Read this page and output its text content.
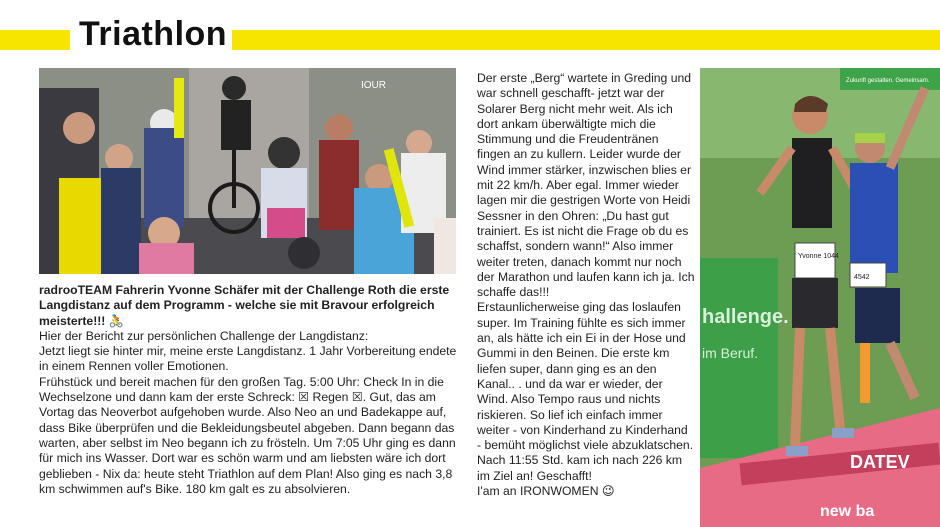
Triathlon
IOUR

radrooTEAM Fahrerin Yvonne Schäfer mit der Challenge Roth die erste Langdistanz auf dem Programm - welche sie mit Bravour erfolgreich meisterte!!! 🚴

Hier der Bericht zur persönlichen Challenge der Langdistanz:

Jetzt liegt sie hinter mir, meine erste Langdistanz. 1 Jahr Vorbereitung endete in einem Rennen voller Emotionen.

Frühstück und bereit machen für den großen Tag. 5:00 Uhr: Check In in die Wechselzone und dann kam der erste Schreck: ☒ Regen ☒. Gut, das am Vortag das Neoverbot aufgehoben wurde. Also Neo an und Badekappe auf, dass Bike überprüfen und die Bekleidungsbeutel abgeben. Dann begann das warten, aber selbst im Neo begann ich zu frösteln. Um 7:05 Uhr ging es dann für mich ins Wasser. Dort war es schön warm und am liebsten wäre ich dort geblieben - Nix da: heute steht Triathlon auf dem Plan! Also ging es nach 3,8 km schwimmen auf's Bike. 180 km galt es zu absolvieren.

Der erste „Berg“ wartete in Greding und war schnell geschafft- jetzt war der Solarer Berg nicht mehr weit. Als ich dort ankam überwältigte mich die Stimmung und die Freudentränen fingen an zu kullern. Leider wurde der Wind immer stärker, inzwischen blies er mit 22 km/h. Aber egal. Immer wieder lagen mir die gestrigen Worte von Heidi Sessner in den Ohren: „Du hast gut trainiert. Es ist nicht die Frage ob du es schaffst, sondern wann!“ Also immer weiter treten, danach kommt nur noch der Marathon und laufen kann ich ja. Ich schaffe das!!!

Erstaunlicherweise ging das loslaufen super. Im Training fühlte es sich immer an, als hätte ich ein Ei in der Hose und Gummi in den Beinen. Die erste km liefen super, dann ging es an den Kanal.. . und da war er wieder, der Wind. Also Tempo raus und nichts riskieren. So lief ich einfach immer weiter - von Kinderhand zu Kinderhand - bemüht möglichst viele abzuklatschen. Nach 11:55 Std. kam ich nach 226 km im Ziel an! Geschafft!

I'am an IRONWOMEN 😉

Zukunft gestalten. Gemeinsam.
hallenge.
im Beruf.
DATEV
new ba
Yvonne 1044
4542
